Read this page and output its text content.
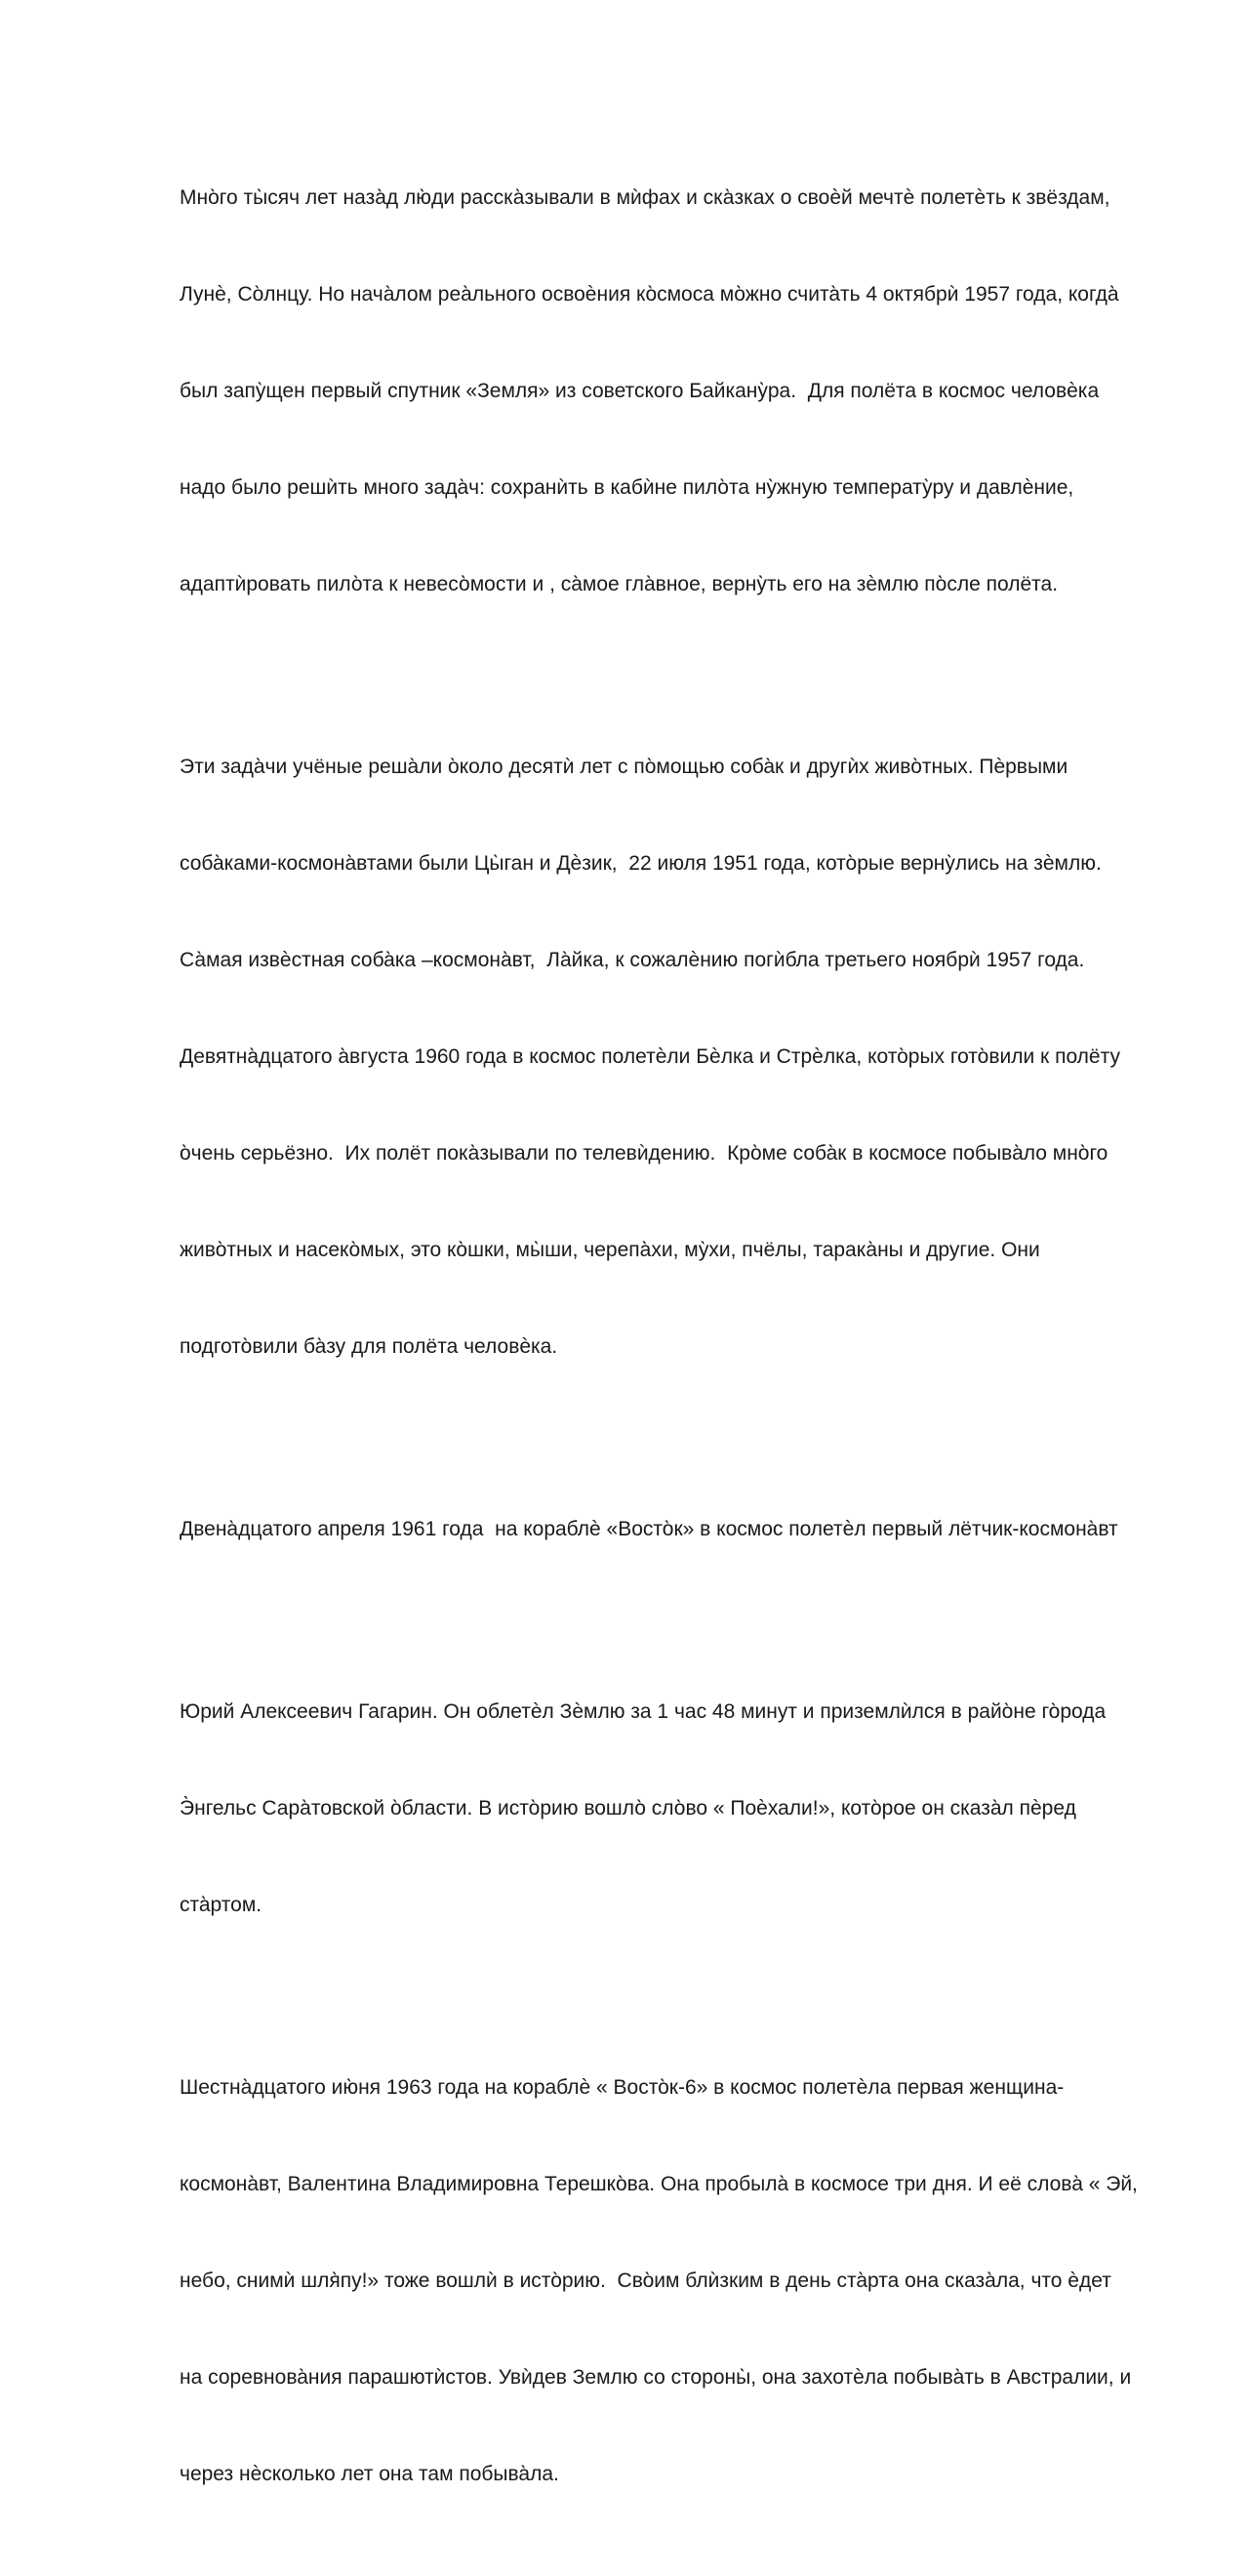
Мно̀го ты̀сяч лет наза̀д лю̀ди расска̀зывали в мѝфах и ска̀зках о своѐй мечтѐ полетѐть к звёздам,

Лунѐ, Со̀лнцу. Но нача̀лом реа̀льного освоѐния ко̀смоса мо̀жно счита̀ть 4 октябрѝ 1957 года, когда̀

был запу̀щен первый спутник «Земля» из советского Байкану̀ра.  Для полёта в космос человѐка

надо было решѝть много зада̀ч: сохранѝть в кабѝне пило̀та ну̀жную температу̀ру и давлѐние,

адаптѝровать пило̀та к невесо̀мости и , са̀мое гла̀вное, верну̀ть его на зѐмлю по̀сле полёта.

Эти зада̀чи учёные реша̀ли о̀коло десятѝ лет с по̀мощью соба̀к и другѝх живо̀тных. Пѐрвыми

соба̀ками-космона̀втами были Цы̀ган и Дѐзик,  22 июля 1951 года, кото̀рые верну̀лись на зѐмлю.

Са̀мая извѐстная соба̀ка –космона̀вт,  Ла̀йка, к сожалѐнию погѝбла третьего ноябрѝ 1957 года.

Девятна̀дцатого а̀вгуста 1960 года в космос полетѐли Бѐлка и Стрѐлка, кото̀рых гото̀вили к полёту

о̀чень серьёзно.  Их полёт пока̀зывали по телевѝдению.  Кро̀ме соба̀к в космосе побыва̀ло мно̀го

живо̀тных и насеко̀мых, это ко̀шки, мы̀ши, черепа̀хи, му̀хи, пчёлы, тарака̀ны и другие. Они

подгото̀вили ба̀зу для полёта человѐка.

Двена̀дцатого апреля 1961 года  на кораблѐ «Восто̀к» в космос полетѐл первый лётчик-космона̀вт

Юрий Алексеевич Гагарин. Он облетѐл Зѐмлю за 1 час 48 минут и приземлѝлся в райо̀не го̀рода

Э̀нгельс Сара̀товской о̀бласти. В исто̀рию вошло̀ сло̀во « Поѐхали!», кото̀рое он сказа̀л пѐред

ста̀ртом.

Шестна̀дцатого ию̀ня 1963 года на кораблѐ « Восто̀к-6» в космос полетѐла первая женщина-

космона̀вт, Валентина Владимировна Терешко̀ва. Она пробыла̀ в космосе три дня. И её слова̀ « Эй,

небо, снимѝ шля̀пу!» тоже вошлѝ в исто̀рию.  Сво̀им блѝзким в день ста̀рта она сказа̀ла, что ѐдет

на соревнова̀ния парашютѝстов. Увѝдев Землю со стороны̀, она захотѐла побыва̀ть в Австралии, и

через нѐсколько лет она там побыва̀ла.
